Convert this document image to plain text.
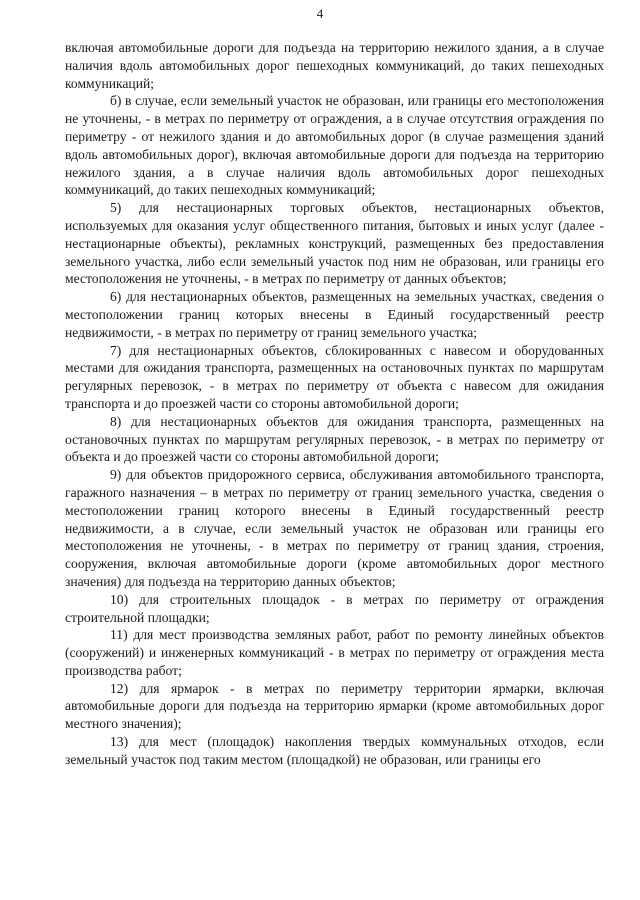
4

включая автомобильные дороги для подъезда на территорию нежилого здания, а в случае наличия вдоль автомобильных дорог пешеходных коммуникаций, до таких пешеходных коммуникаций;

б) в случае, если земельный участок не образован, или границы его местоположения не уточнены, - в метрах по периметру от ограждения, а в случае отсутствия ограждения по периметру - от нежилого здания и до автомобильных дорог (в случае размещения зданий вдоль автомобильных дорог), включая автомобильные дороги для подъезда на территорию нежилого здания, а в случае наличия вдоль автомобильных дорог пешеходных коммуникаций, до таких пешеходных коммуникаций;

5) для нестационарных торговых объектов, нестационарных объектов, используемых для оказания услуг общественного питания, бытовых и иных услуг (далее - нестационарные объекты), рекламных конструкций, размещенных без предоставления земельного участка, либо если земельный участок под ним не образован, или границы его местоположения не уточнены, - в метрах по периметру от данных объектов;

6) для нестационарных объектов, размещенных на земельных участках, сведения о местоположении границ которых внесены в Единый государственный реестр недвижимости, - в метрах по периметру от границ земельного участка;

7) для нестационарных объектов, сблокированных с навесом и оборудованных местами для ожидания транспорта, размещенных на остановочных пунктах по маршрутам регулярных перевозок, - в метрах по периметру от объекта с навесом для ожидания транспорта и до проезжей части со стороны автомобильной дороги;

8) для нестационарных объектов для ожидания транспорта, размещенных на остановочных пунктах по маршрутам регулярных перевозок, - в метрах по периметру от объекта и до проезжей части со стороны автомобильной дороги;

9) для объектов придорожного сервиса, обслуживания автомобильного транспорта, гаражного назначения – в метрах по периметру от границ земельного участка, сведения о местоположении границ которого внесены в Единый государственный реестр недвижимости, а в случае, если земельный участок не образован или границы его местоположения не уточнены, - в метрах по периметру от границ здания, строения, сооружения, включая автомобильные дороги (кроме автомобильных дорог местного значения) для подъезда на территорию данных объектов;

10) для строительных площадок - в метрах по периметру от ограждения строительной площадки;

11) для мест производства земляных работ, работ по ремонту линейных объектов (сооружений) и инженерных коммуникаций - в метрах по периметру от ограждения места производства работ;

12) для ярмарок - в метрах по периметру территории ярмарки, включая автомобильные дороги для подъезда на территорию ярмарки (кроме автомобильных дорог местного значения);

13) для мест (площадок) накопления твердых коммунальных отходов, если земельный участок под таким местом (площадкой) не образован, или границы его
